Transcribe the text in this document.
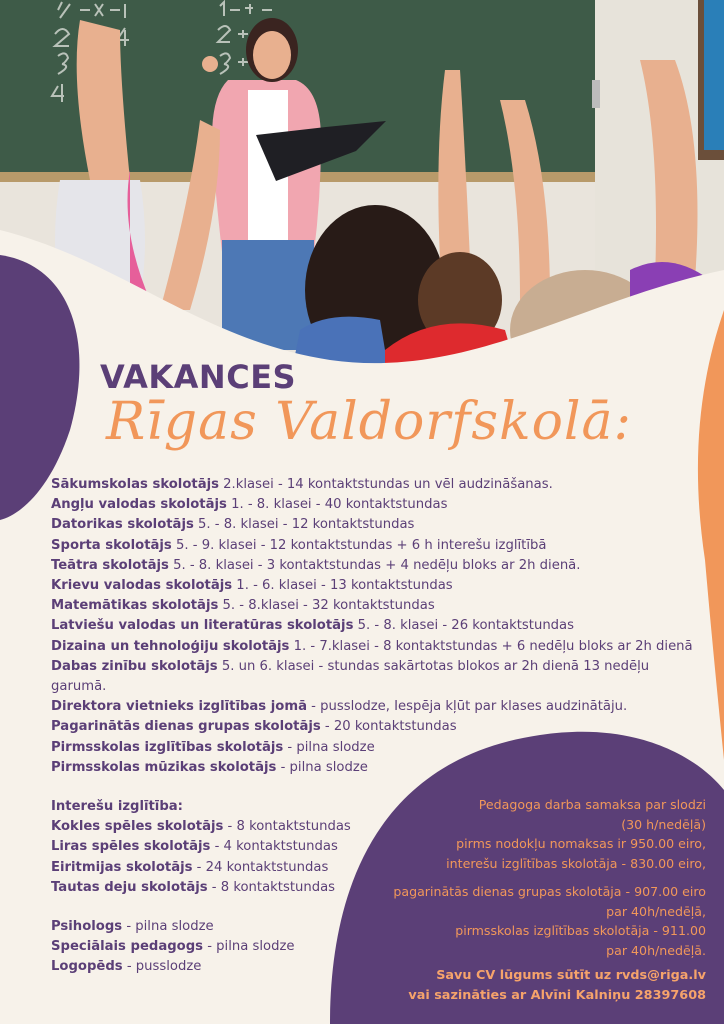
VAKANCES
Rīgas Valdorfskolā:
Sākumskolas skolotājs 2.klasei - 14 kontaktstundas un vēl audzināšanas.
Angļu valodas skolotājs 1. - 8. klasei - 40 kontaktstundas
Datorikas skolotājs 5. - 8. klasei - 12 kontaktstundas
Sporta skolotājs 5. - 9. klasei - 12 kontaktstundas + 6 h interešu izglītībā
Teātra skolotājs 5. - 8. klasei - 3 kontaktstundas + 4 nedēļu bloks ar 2h dienā.
Krievu valodas skolotājs 1. - 6. klasei - 13 kontaktstundas
Matemātikas skolotājs 5. - 8.klasei - 32 kontaktstundas
Latviešu valodas un literatūras skolotājs 5. - 8. klasei - 26 kontaktstundas
Dizaina un tehnoloģiju skolotājs 1. - 7.klasei - 8 kontaktstundas + 6 nedēļu bloks ar 2h dienā
Dabas zinību skolotājs 5. un 6. klasei - stundas sakārtotas blokos ar 2h dienā 13 nedēļu garumā.
Direktora vietnieks izglītības jomā - pusslodze, Iespēja kļūt par klases audzinātāju.
Pagarinātās dienas grupas skolotājs - 20 kontaktstundas
Pirmsskolas izglītības skolotājs - pilna slodze
Pirmsskolas mūzikas skolotājs - pilna slodze
Interešu izglītība:
Kokles spēles skolotājs - 8 kontaktstundas
Liras spēles skolotājs - 4 kontaktstundas
Eiritmijas skolotājs - 24 kontaktstundas
Tautas deju skolotājs - 8 kontaktstundas
Psihologs - pilna slodze
Speciālais pedagogs - pilna slodze
Logopēds - pusslodze
Pedagoga darba samaksa par slodzi
(30 h/nedēļā)
pirms nodokļu nomaksas ir 950.00 eiro,
interešu izglītības skolotāja - 830.00 eiro,
pagarinātās dienas grupas skolotāja - 907.00 eiro
par 40h/nedēļā,
pirmsskolas izglītības skolotāja - 911.00
par 40h/nedēļā.
Savu CV lūgums sūtīt uz rvds@riga.lv
vai sazināties ar Alvīni Kalniņu 28397608
